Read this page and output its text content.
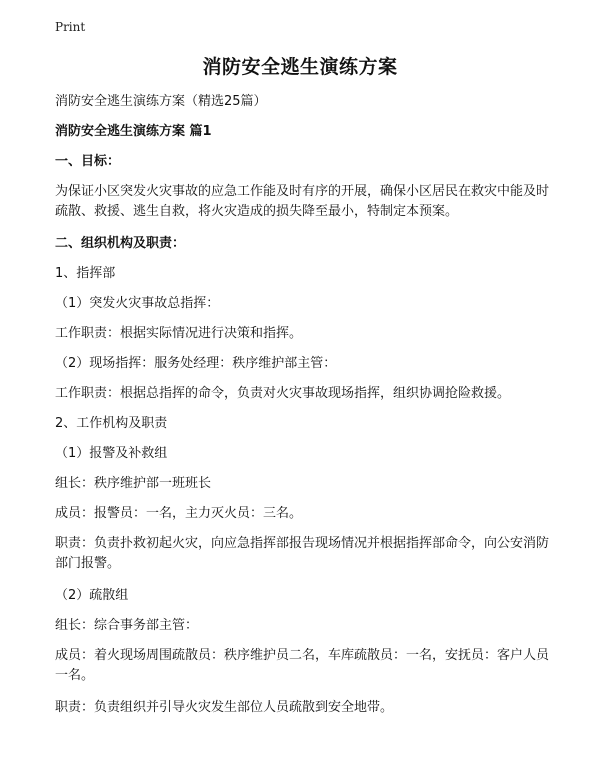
Print
消防安全逃生演练方案

消防安全逃生演练方案（精选25篇）

消防安全逃生演练方案 篇1

一、目标：

为保证小区突发火灾事故的应急工作能及时有序的开展，确保小区居民在救灾中能及时疏散、救援、逃生自救，将火灾造成的损失降至最小，特制定本预案。

二、组织机构及职责：

1、指挥部

（1）突发火灾事故总指挥：

工作职责：根据实际情况进行决策和指挥。

（2）现场指挥：服务处经理：秩序维护部主管：

工作职责：根据总指挥的命令，负责对火灾事故现场指挥，组织协调抢险救援。

2、工作机构及职责

（1）报警及补救组

组长：秩序维护部一班班长

成员：报警员：一名，主力灭火员：三名。

职责：负责扑救初起火灾，向应急指挥部报告现场情况并根据指挥部命令，向公安消防部门报警。

（2）疏散组

组长：综合事务部主管：

成员：着火现场周围疏散员：秩序维护员二名，车库疏散员：一名，安抚员：客户人员一名。

职责：负责组织并引导火灾发生部位人员疏散到安全地带。
